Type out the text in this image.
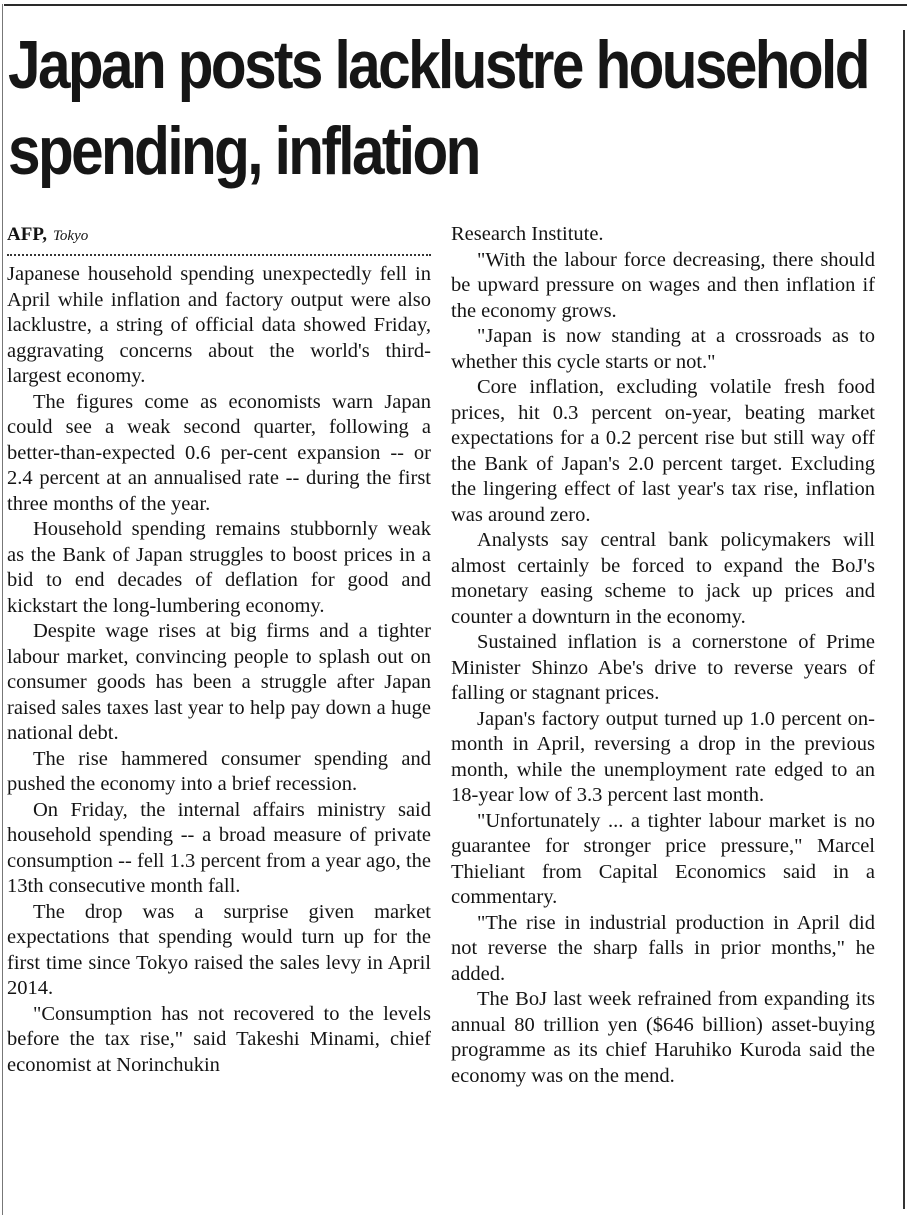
Japan posts lacklustre household spending, inflation
AFP, Tokyo

Japanese household spending unexpectedly fell in April while inflation and factory output were also lacklustre, a string of official data showed Friday, aggravating concerns about the world's third-largest economy.

The figures come as economists warn Japan could see a weak second quarter, following a better-than-expected 0.6 per-cent expansion -- or 2.4 percent at an annualised rate -- during the first three months of the year.

Household spending remains stubbornly weak as the Bank of Japan struggles to boost prices in a bid to end decades of deflation for good and kickstart the long-lumbering economy.

Despite wage rises at big firms and a tighter labour market, convincing people to splash out on consumer goods has been a struggle after Japan raised sales taxes last year to help pay down a huge national debt.

The rise hammered consumer spending and pushed the economy into a brief recession.

On Friday, the internal affairs ministry said household spending -- a broad measure of private consumption -- fell 1.3 percent from a year ago, the 13th consecutive month fall.

The drop was a surprise given market expectations that spending would turn up for the first time since Tokyo raised the sales levy in April 2014.

"Consumption has not recovered to the levels before the tax rise," said Takeshi Minami, chief economist at Norinchukin

Research Institute.

"With the labour force decreasing, there should be upward pressure on wages and then inflation if the economy grows.

"Japan is now standing at a crossroads as to whether this cycle starts or not."

Core inflation, excluding volatile fresh food prices, hit 0.3 percent on-year, beating market expectations for a 0.2 percent rise but still way off the Bank of Japan's 2.0 percent target. Excluding the lingering effect of last year's tax rise, inflation was around zero.

Analysts say central bank policymakers will almost certainly be forced to expand the BoJ's monetary easing scheme to jack up prices and counter a downturn in the economy.

Sustained inflation is a cornerstone of Prime Minister Shinzo Abe's drive to reverse years of falling or stagnant prices.

Japan's factory output turned up 1.0 percent on-month in April, reversing a drop in the previous month, while the unemployment rate edged to an 18-year low of 3.3 percent last month.

"Unfortunately ... a tighter labour market is no guarantee for stronger price pressure," Marcel Thieliant from Capital Economics said in a commentary.

"The rise in industrial production in April did not reverse the sharp falls in prior months," he added.

The BoJ last week refrained from expanding its annual 80 trillion yen ($646 billion) asset-buying programme as its chief Haruhiko Kuroda said the economy was on the mend.
